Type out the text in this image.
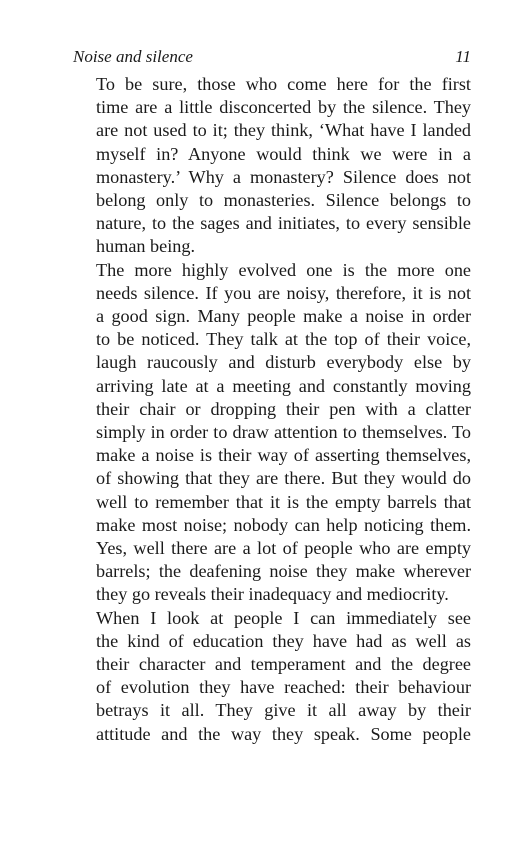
Noise and silence	11

To be sure, those who come here for the first
time are a little disconcerted by the silence. They
are not used to it; they think, ‘What have I landed
myself in? Anyone would think we were in a
monastery.’ Why a monastery? Silence does not
belong only to monasteries. Silence belongs to
nature, to the sages and initiates, to every sensible
human being.

The more highly evolved one is the more one
needs silence. If you are noisy, therefore, it is not
a good sign. Many people make a noise in order
to be noticed. They talk at the top of their voice,
laugh raucously and disturb everybody else by
arriving late at a meeting and constantly moving
their chair or dropping their pen with a clatter
simply in order to draw attention to themselves. To
make a noise is their way of asserting themselves,
of showing that they are there. But they would do
well to remember that it is the empty barrels that
make most noise; nobody can help noticing them.
Yes, well there are a lot of people who are empty
barrels; the deafening noise they make wherever
they go reveals their inadequacy and mediocrity.

When I look at people I can immediately see
the kind of education they have had as well as
their character and temperament and the degree
of evolution they have reached: their behaviour
betrays it all. They give it all away by their
attitude and the way they speak. Some people
